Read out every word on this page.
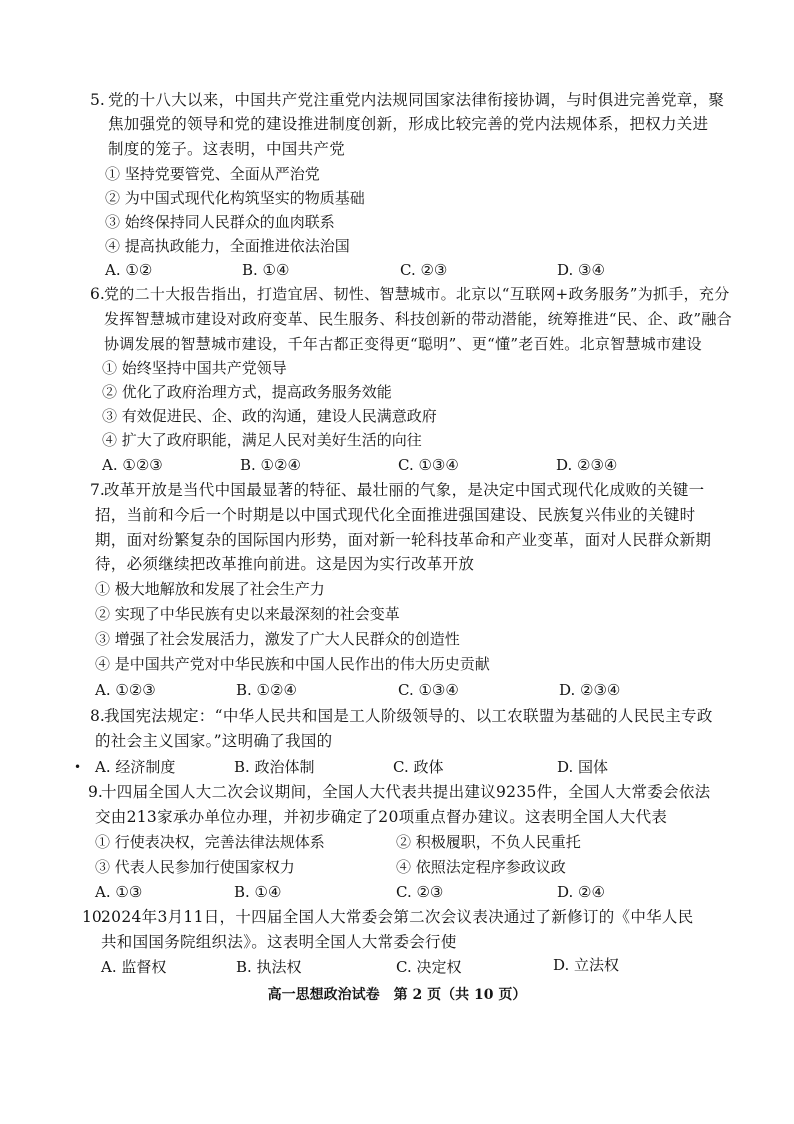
5. 党的十八大以来，中国共产党注重党内法规同国家法律衔接协调，与时俱进完善党章，聚
焦加强党的领导和党的建设推进制度创新，形成比较完善的党内法规体系，把权力关进
制度的笼子。这表明，中国共产党
① 坚持党要管党、全面从严治党
② 为中国式现代化构筑坚实的物质基础
③ 始终保持同人民群众的血肉联系
④ 提高执政能力，全面推进依法治国
A. ①②	B. ①④	C. ②③	D. ③④
6. 党的二十大报告指出，打造宜居、韧性、智慧城市。北京以“互联网+政务服务”为抓手，充分
发挥智慧城市建设对政府变革、民生服务、科技创新的带动潜能，统筹推进“民、企、政”融合
协调发展的智慧城市建设，千年古都正变得更“聪明”、更“懂”老百姓。北京智慧城市建设
① 始终坚持中国共产党领导
② 优化了政府治理方式，提高政务服务效能
③ 有效促进民、企、政的沟通，建设人民满意政府
④ 扩大了政府职能，满足人民对美好生活的向往
A. ①②③	B. ①②④	C. ①③④	D. ②③④
7. 改革开放是当代中国最显著的特征、最壮丽的气象，是决定中国式现代化成败的关键一
招，当前和今后一个时期是以中国式现代化全面推进强国建设、民族复兴伟业的关键时
期，面对纷繁复杂的国际国内形势，面对新一轮科技革命和产业变革，面对人民群众新期
待，必须继续把改革推向前进。这是因为实行改革开放
① 极大地解放和发展了社会生产力
② 实现了中华民族有史以来最深刻的社会变革
③ 增强了社会发展活力，激发了广大人民群众的创造性
④ 是中国共产党对中华民族和中国人民作出的伟大历史贡献
A. ①②③	B. ①②④	C. ①③④	D. ②③④
8. 我国宪法规定：“中华人民共和国是工人阶级领导的、以工农联盟为基础的人民民主专政
的社会主义国家。”这明确了我国的
• A. 经济制度	B. 政治体制	C. 政体	D. 国体
9.
十四届全国人大二次会议期间，全国人大代表共提出建议9235件，全国人大常委会依法
交由213家承办单位办理，并初步确定了20项重点督办建议。这表明全国人大代表
① 行使表决权，完善法律法规体系	② 积极履职，不负人民重托
③ 代表人民参加行使国家权力	④ 依照法定程序参政议政
A. ①③	B. ①④	C. ②③	D. ②④
10.
2024年3月11日，十四届全国人大常委会第二次会议表决通过了新修订的《中华人民
共和国国务院组织法》。这表明全国人大常委会行使
A. 监督权	B. 执法权	C. 决定权	D. 立法权
高一思想政治试卷　第 2 页（共 10 页）
